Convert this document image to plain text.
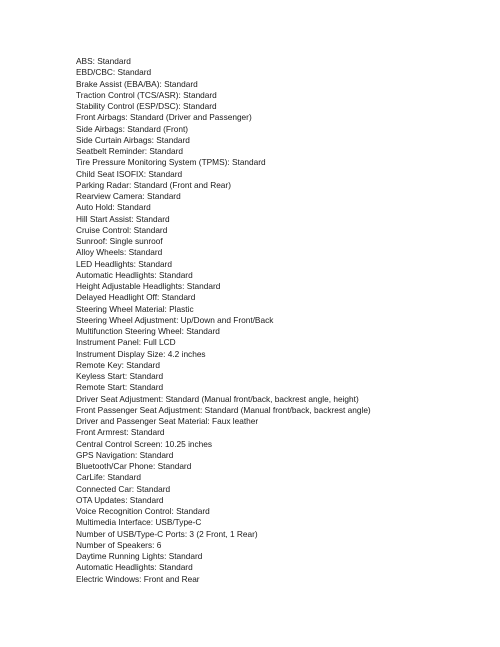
ABS: Standard
EBD/CBC: Standard
Brake Assist (EBA/BA): Standard
Traction Control (TCS/ASR): Standard
Stability Control (ESP/DSC): Standard
Front Airbags: Standard (Driver and Passenger)
Side Airbags: Standard (Front)
Side Curtain Airbags: Standard
Seatbelt Reminder: Standard
Tire Pressure Monitoring System (TPMS): Standard
Child Seat ISOFIX: Standard
Parking Radar: Standard (Front and Rear)
Rearview Camera: Standard
Auto Hold: Standard
Hill Start Assist: Standard
Cruise Control: Standard
Sunroof: Single sunroof
Alloy Wheels: Standard
LED Headlights: Standard
Automatic Headlights: Standard
Height Adjustable Headlights: Standard
Delayed Headlight Off: Standard
Steering Wheel Material: Plastic
Steering Wheel Adjustment: Up/Down and Front/Back
Multifunction Steering Wheel: Standard
Instrument Panel: Full LCD
Instrument Display Size: 4.2 inches
Remote Key: Standard
Keyless Start: Standard
Remote Start: Standard
Driver Seat Adjustment: Standard (Manual front/back, backrest angle, height)
Front Passenger Seat Adjustment: Standard (Manual front/back, backrest angle)
Driver and Passenger Seat Material: Faux leather
Front Armrest: Standard
Central Control Screen: 10.25 inches
GPS Navigation: Standard
Bluetooth/Car Phone: Standard
CarLife: Standard
Connected Car: Standard
OTA Updates: Standard
Voice Recognition Control: Standard
Multimedia Interface: USB/Type-C
Number of USB/Type-C Ports: 3 (2 Front, 1 Rear)
Number of Speakers: 6
Daytime Running Lights: Standard
Automatic Headlights: Standard
Electric Windows: Front and Rear
